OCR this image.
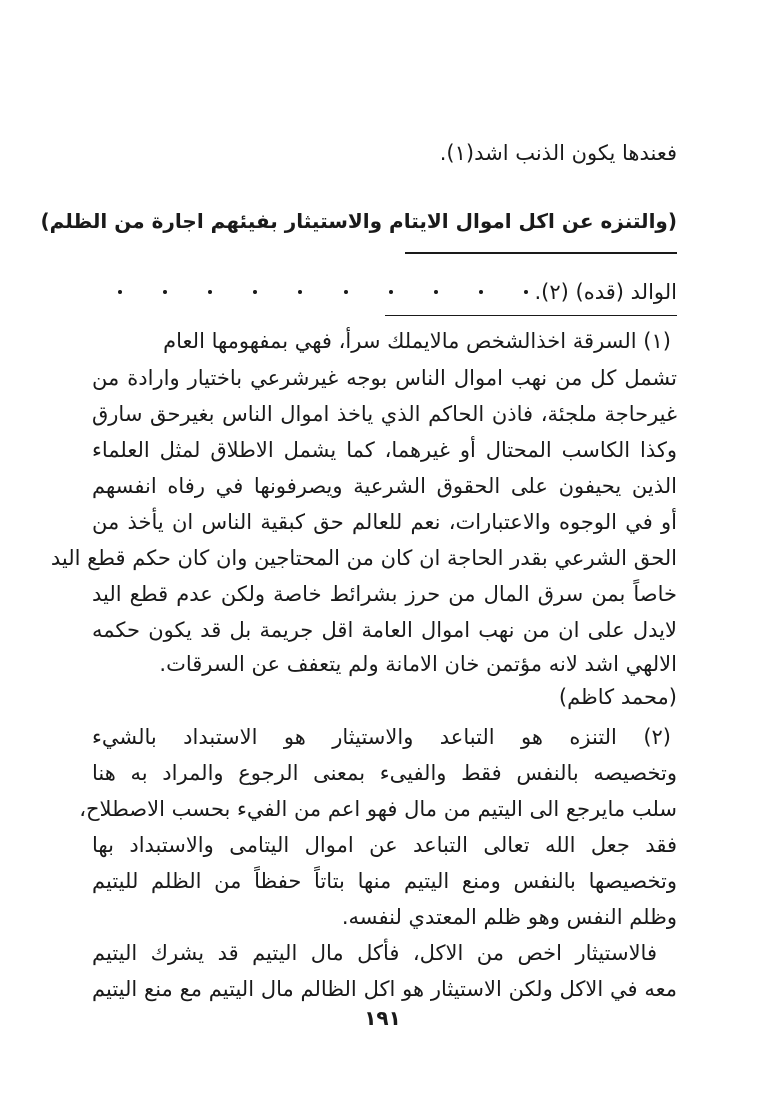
فعندها يكون الذنب اشد(١).
(والتنزه عن اكل اموال الايتام والاستيثار بفيئهم اجارة من الظلم)
الوالد (قده) (٢).
(١) السرقة اخذالشخص مالايملك سرأ، فهي بمفهومها العام
تشمل كل من نهب اموال الناس بوجه غيرشرعي باختيار وارادة من
غيرحاجة ملجئة، فاذن الحاكم الذي ياخذ اموال الناس بغيرحق سارق
وكذا الكاسب المحتال أو غيرهما، كما يشمل الاطلاق لمثل العلماء
الذين يحيفون على الحقوق الشرعية ويصرفونها في رفاه انفسهم
أو في الوجوه والاعتبارات، نعم للعالم حق كبقية الناس ان يأخذ من
الحق الشرعي بقدر الحاجة ان كان من المحتاجين وان كان حكم قطع اليد
خاصاً بمن سرق المال من حرز بشرائط خاصة ولكن عدم قطع اليد
لايدل على ان من نهب اموال العامة اقل جريمة بل قد يكون حكمه
الالهي اشد لانه مؤتمن خان الامانة ولم يتعفف عن السرقات.
(محمد كاظم)
(٢) التنزه هو التباعد والاستيثار هو الاستبداد بالشيء
وتخصيصه بالنفس فقط والفيىء بمعنى الرجوع والمراد به هنا
سلب مايرجع الى اليتيم من مال فهو اعم من الفيء بحسب الاصطلاح،
فقد جعل الله تعالى التباعد عن اموال اليتامى والاستبداد بها
وتخصيصها بالنفس ومنع اليتيم منها بتاتاً حفظاً من الظلم لليتيم
وظلم النفس وهو ظلم المعتدي لنفسه.
فالاستيثار اخص من الاكل، فأكل مال اليتيم قد يشرك اليتيم
معه في الاكل ولكن الاستيثار هو اكل الظالم مال اليتيم مع منع اليتيم
١٩١
